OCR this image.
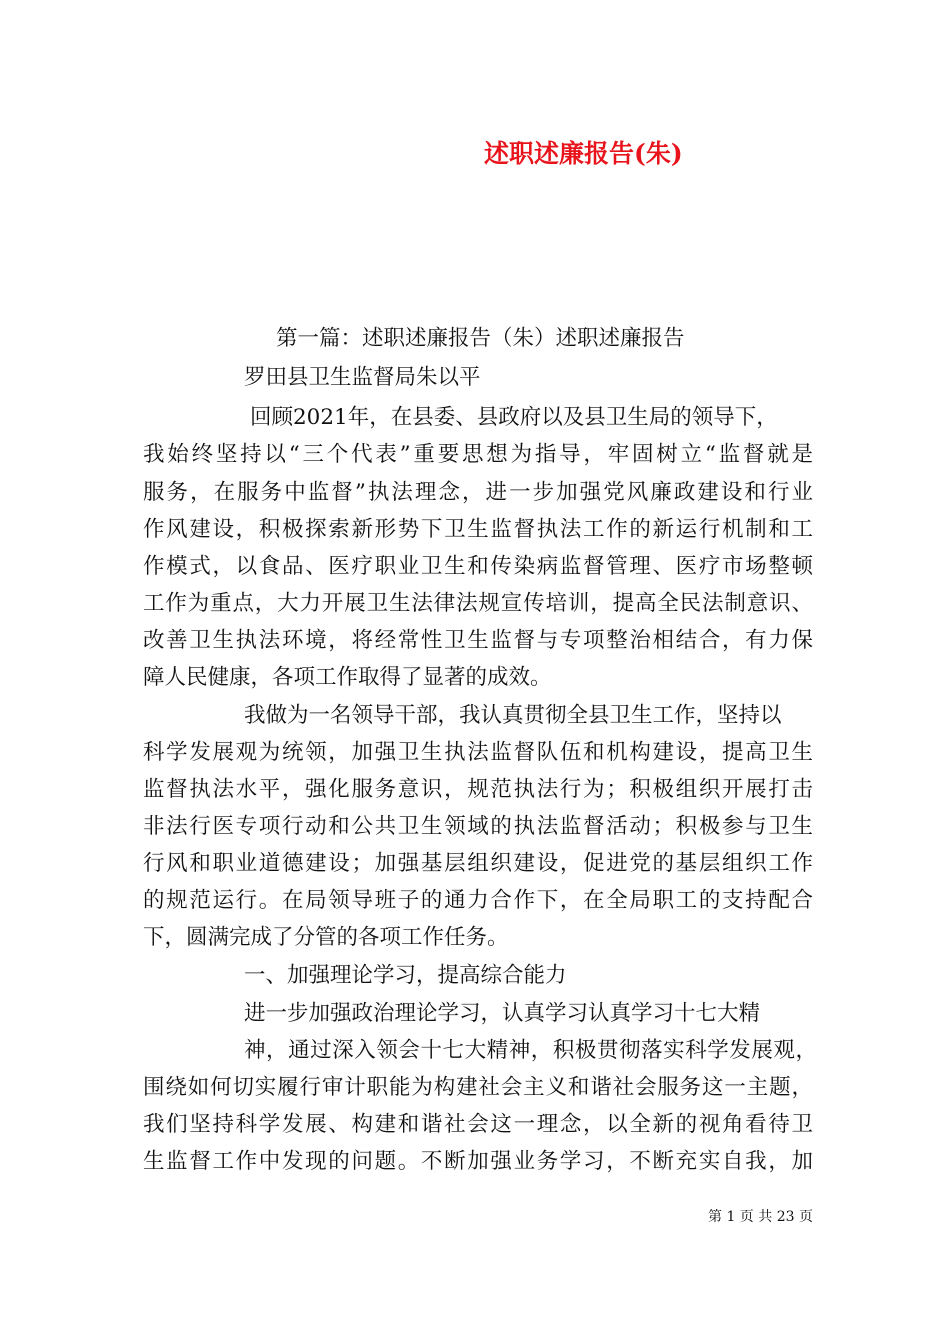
述职述廉报告(朱)
第一篇：述职述廉报告（朱）述职述廉报告
罗田县卫生监督局朱以平
回顾2021年，在县委、县政府以及县卫生局的领导下，
我始终坚持以“三个代表”重要思想为指导，牢固树立“监督就是
服务，在服务中监督”执法理念，进一步加强党风廉政建设和行业
作风建设，积极探索新形势下卫生监督执法工作的新运行机制和工
作模式，以食品、医疗职业卫生和传染病监督管理、医疗市场整顿
工作为重点，大力开展卫生法律法规宣传培训，提高全民法制意识、
改善卫生执法环境，将经常性卫生监督与专项整治相结合，有力保
障人民健康，各项工作取得了显著的成效。
我做为一名领导干部，我认真贯彻全县卫生工作，坚持以
科学发展观为统领，加强卫生执法监督队伍和机构建设，提高卫生
监督执法水平，强化服务意识，规范执法行为；积极组织开展打击
非法行医专项行动和公共卫生领域的执法监督活动；积极参与卫生
行风和职业道德建设；加强基层组织建设，促进党的基层组织工作
的规范运行。在局领导班子的通力合作下，在全局职工的支持配合
下，圆满完成了分管的各项工作任务。
一、加强理论学习，提高综合能力
进一步加强政治理论学习，认真学习认真学习十七大精
神，通过深入领会十七大精神，积极贯彻落实科学发展观，
围绕如何切实履行审计职能为构建社会主义和谐社会服务这一主题，
我们坚持科学发展、构建和谐社会这一理念，以全新的视角看待卫
生监督工作中发现的问题。不断加强业务学习，不断充实自我，加
第 1 页 共 23 页
